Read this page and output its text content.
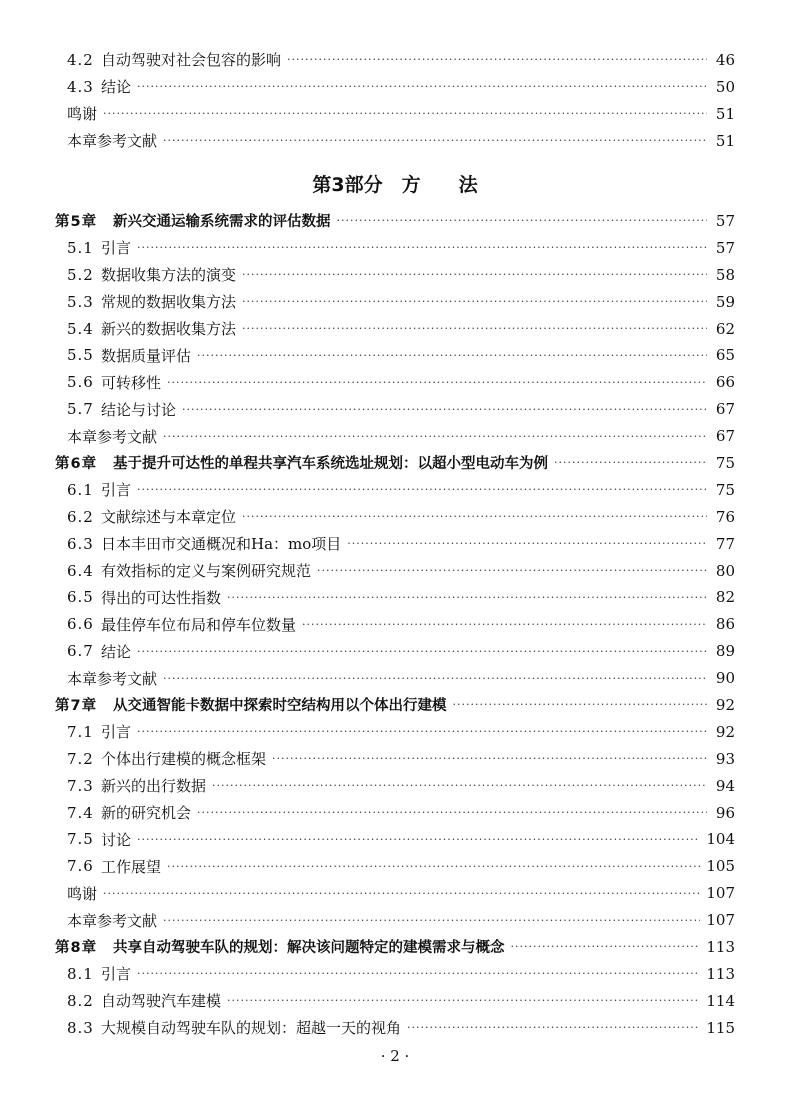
4.2 自动驾驶对社会包容的影响 ·····	46
4.3 结论 ·····	50
鸣谢 ·····	51
本章参考文献 ·····	51
第3部分　方　　法
第5章	新兴交通运输系统需求的评估数据 ·····	57
5.1 引言 ·····	57
5.2 数据收集方法的演变 ·····	58
5.3 常规的数据收集方法 ·····	59
5.4 新兴的数据收集方法 ·····	62
5.5 数据质量评估 ·····	65
5.6 可转移性 ·····	66
5.7 结论与讨论 ·····	67
本章参考文献 ·····	67
第6章	基于提升可达性的单程共享汽车系统选址规划：以超小型电动车为例 ·····	75
6.1 引言 ·····	75
6.2 文献综述与本章定位 ·····	76
6.3 日本丰田市交通概况和Ha：mo项目 ·····	77
6.4 有效指标的定义与案例研究规范 ·····	80
6.5 得出的可达性指数 ·····	82
6.6 最佳停车位布局和停车位数量 ·····	86
6.7 结论 ·····	89
本章参考文献 ·····	90
第7章	从交通智能卡数据中探索时空结构用以个体出行建模 ·····	92
7.1 引言 ·····	92
7.2 个体出行建模的概念框架 ·····	93
7.3 新兴的出行数据 ·····	94
7.4 新的研究机会 ·····	96
7.5 讨论 ·····	104
7.6 工作展望 ·····	105
鸣谢 ·····	107
本章参考文献 ·····	107
第8章	共享自动驾驶车队的规划：解决该问题特定的建模需求与概念 ·····	113
8.1 引言 ·····	113
8.2 自动驾驶汽车建模 ·····	114
8.3 大规模自动驾驶车队的规划：超越一天的视角 ·····	115
· 2 ·
